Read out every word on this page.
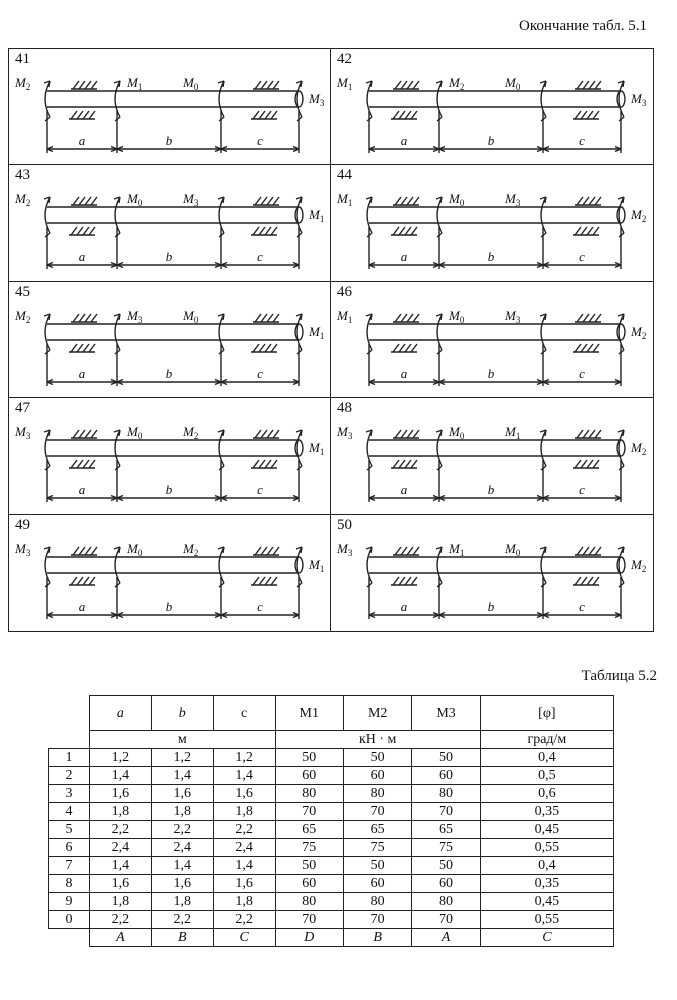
Окончание табл. 5.1
41
a	b	c
$M_2$	$M_1$	$M_0$
$M_3$
42
a	b	c
$M_1$	$M_2$	$M_0$
$M_3$
43
a	b	c
$M_2$	$M_0$	$M_3$
$M_1$
44
a	b	c
$M_1$	$M_0$	$M_3$
$M_2$
45
a	b	c
$M_2$	$M_3$	$M_0$
$M_1$
46
a	b	c
$M_1$	$M_0$	$M_3$
$M_2$
47
a	b	c
$M_3$	$M_0$	$M_2$
$M_1$
48
a	b	c
$M_3$	$M_0$	$M_1$
$M_2$
49
a	b	c
$M_3$	$M_0$	$M_2$
$M_1$
50
a	b	c
$M_3$	$M_1$	$M_0$
$M_2$
Таблица 5.2
	a	b	c	M1	M2	M3	[φ]
	м			кН · м			град/м
1	1,2	1,2	1,2	50	50	50	0,4
2	1,4	1,4	1,4	60	60	60	0,5
3	1,6	1,6	1,6	80	80	80	0,6
4	1,8	1,8	1,8	70	70	70	0,35
5	2,2	2,2	2,2	65	65	65	0,45
6	2,4	2,4	2,4	75	75	75	0,55
7	1,4	1,4	1,4	50	50	50	0,4
8	1,6	1,6	1,6	60	60	60	0,35
9	1,8	1,8	1,8	80	80	80	0,45
0	2,2	2,2	2,2	70	70	70	0,55
	A	B	C	D	B	A	C
